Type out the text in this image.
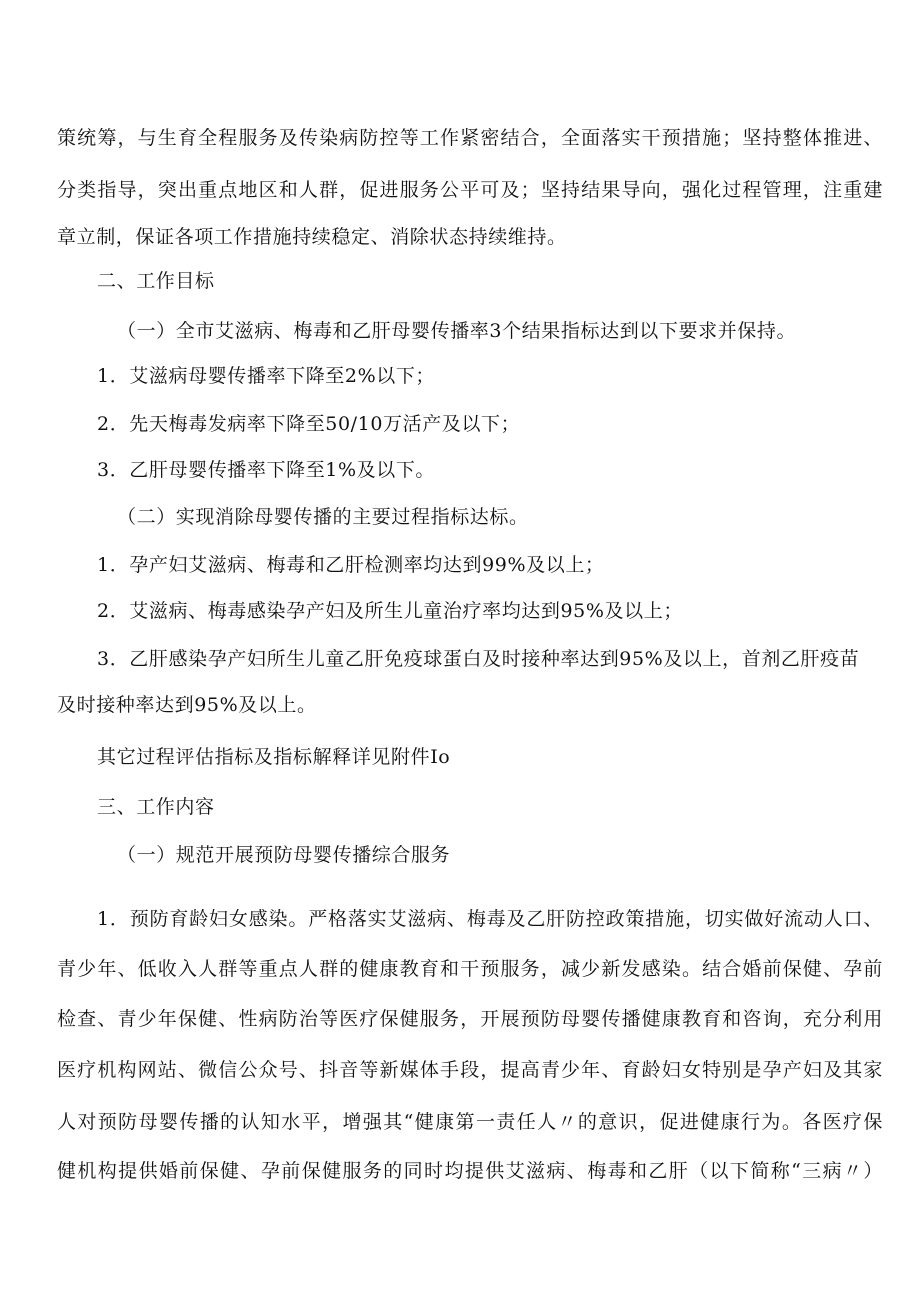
策统筹，与生育全程服务及传染病防控等工作紧密结合，全面落实干预措施；坚持整体推进、
分类指导，突出重点地区和人群，促进服务公平可及；坚持结果导向，强化过程管理，注重建
章立制，保证各项工作措施持续稳定、消除状态持续维持。
二、工作目标
（一）全市艾滋病、梅毒和乙肝母婴传播率3个结果指标达到以下要求并保持。
1．艾滋病母婴传播率下降至2%以下；
2．先天梅毒发病率下降至50/10万活产及以下；
3．乙肝母婴传播率下降至1%及以下。
（二）实现消除母婴传播的主要过程指标达标。
1．孕产妇艾滋病、梅毒和乙肝检测率均达到99%及以上；
2．艾滋病、梅毒感染孕产妇及所生儿童治疗率均达到95%及以上；
3．乙肝感染孕产妇所生儿童乙肝免疫球蛋白及时接种率达到95%及以上，首剂乙肝疫苗
及时接种率达到95%及以上。
其它过程评估指标及指标解释详见附件Io
三、工作内容
（一）规范开展预防母婴传播综合服务
1．预防育龄妇女感染。严格落实艾滋病、梅毒及乙肝防控政策措施，切实做好流动人口、
青少年、低收入人群等重点人群的健康教育和干预服务，减少新发感染。结合婚前保健、孕前
检查、青少年保健、性病防治等医疗保健服务，开展预防母婴传播健康教育和咨询，充分利用
医疗机构网站、微信公众号、抖音等新媒体手段，提高青少年、育龄妇女特别是孕产妇及其家
人对预防母婴传播的认知水平，增强其“健康第一责任人〃的意识，促进健康行为。各医疗保
健机构提供婚前保健、孕前保健服务的同时均提供艾滋病、梅毒和乙肝（以下简称“三病〃）
